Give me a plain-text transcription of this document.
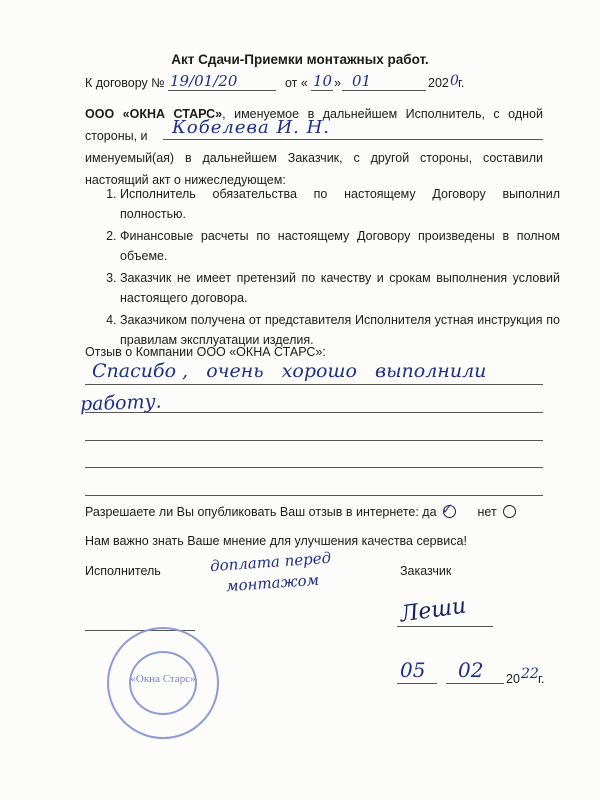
Акт Сдачи-Приемки монтажных работ.
К договору № 19/01/20	от « 10 » 01	202 0 г.

ООО «ОКНА СТАРС», именуемое в дальнейшем Исполнитель, с одной стороны, и	Кобелева И. Н.
именуемый(ая) в дальнейшем Заказчик, с другой стороны, составили настоящий акт о нижеследующем:
1. Исполнитель обязательства по настоящему Договору выполнил полностью.
2. Финансовые расчеты по настоящему Договору произведены в полном объеме.
3. Заказчик не имеет претензий по качеству и срокам выполнения условий настоящего договора.
4. Заказчиком получена от представителя Исполнителя устная инструкция по правилам эксплуатации изделия.
Отзыв о Компании ООО «ОКНА СТАРС»:
Спасибо ,   очень   хорошо   выполнили
работу.
Разрешаете ли Вы опубликовать Ваш отзыв в интернете: да ✓ нет
Нам важно знать Ваше мнение для улучшения качества сервиса!
Исполнитель	Заказчик
доплата перед
монтажом
Леши
«Окна Старс»	05 02 20 22 г.
